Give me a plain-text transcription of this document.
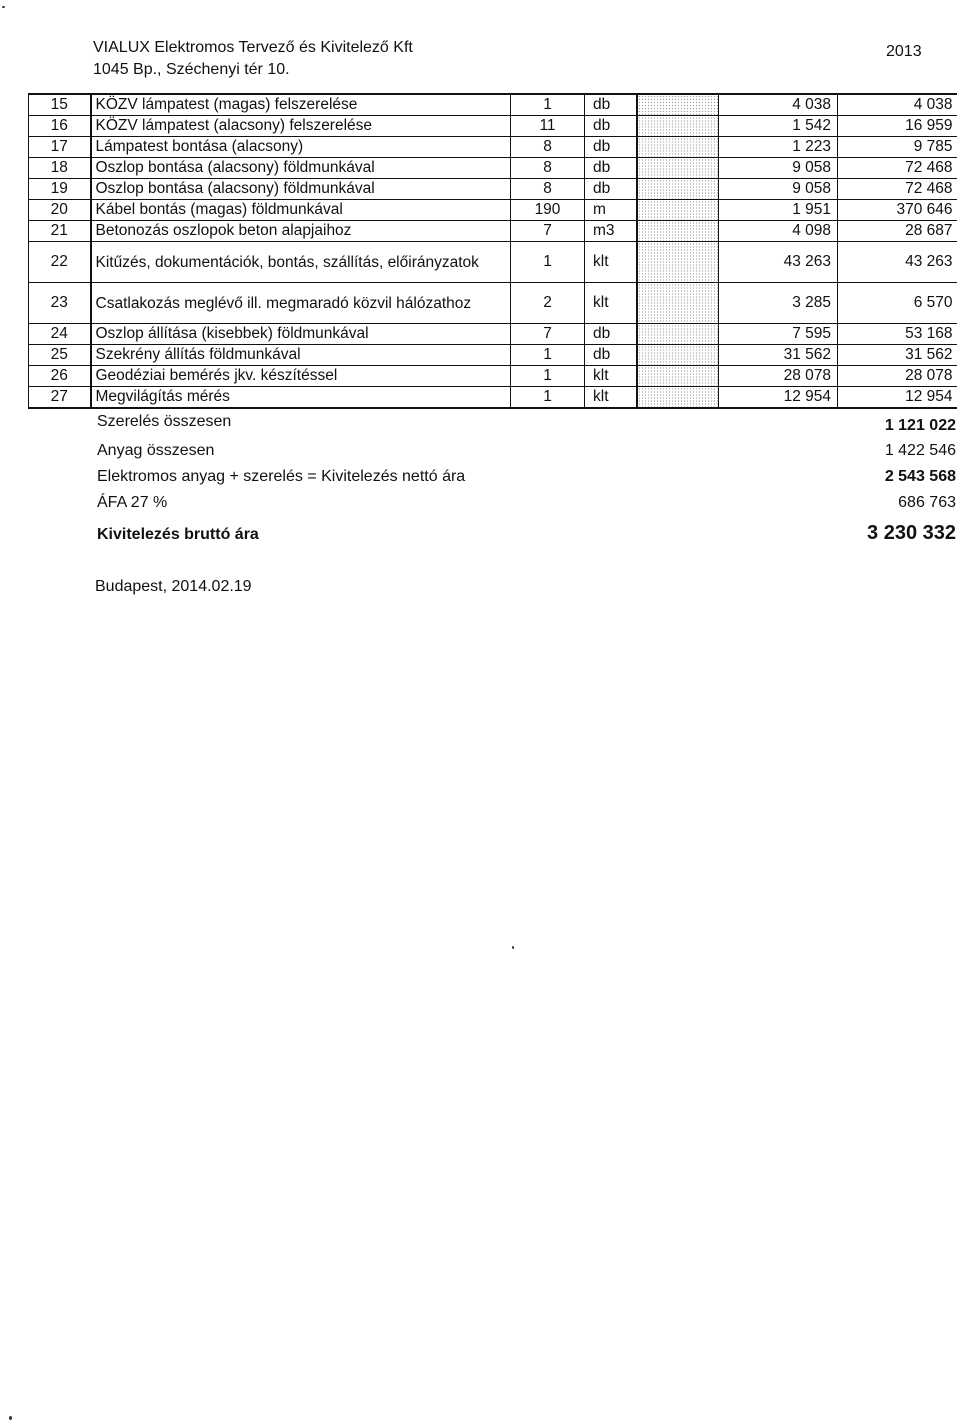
VIALUX Elektromos Tervező és Kivitelező Kft
1045 Bp., Széchenyi tér 10.
2013
15	KÖZV lámpatest (magas) felszerelése	1	db		4 038	4 038
16	KÖZV lámpatest (alacsony) felszerelése	11	db		1 542	16 959
17	Lámpatest bontása (alacsony)	8	db		1 223	9 785
18	Oszlop bontása (alacsony) földmunkával	8	db		9 058	72 468
19	Oszlop bontása (alacsony) földmunkával	8	db		9 058	72 468
20	Kábel bontás (magas) földmunkával	190	m		1 951	370 646
21	Betonozás oszlopok beton alapjaihoz	7	m3		4 098	28 687
22	Kitűzés, dokumentációk, bontás, szállítás, előirányzatok	1	klt		43 263	43 263
23	Csatlakozás meglévő ill. megmaradó közvil hálózathoz	2	klt		3 285	6 570
24	Oszlop állítása (kisebbek) földmunkával	7	db		7 595	53 168
25	Szekrény állítás földmunkával	1	db		31 562	31 562
26	Geodéziai bemérés jkv. készítéssel	1	klt		28 078	28 078
27	Megvilágítás mérés	1	klt		12 954	12 954
Szerelés összesen	1 121 022
Anyag összesen	1 422 546
Elektromos anyag + szerelés = Kivitelezés nettó ára	2 543 568
ÁFA 27 %	686 763
Kivitelezés bruttó ára	3 230 332
Budapest, 2014.02.19
